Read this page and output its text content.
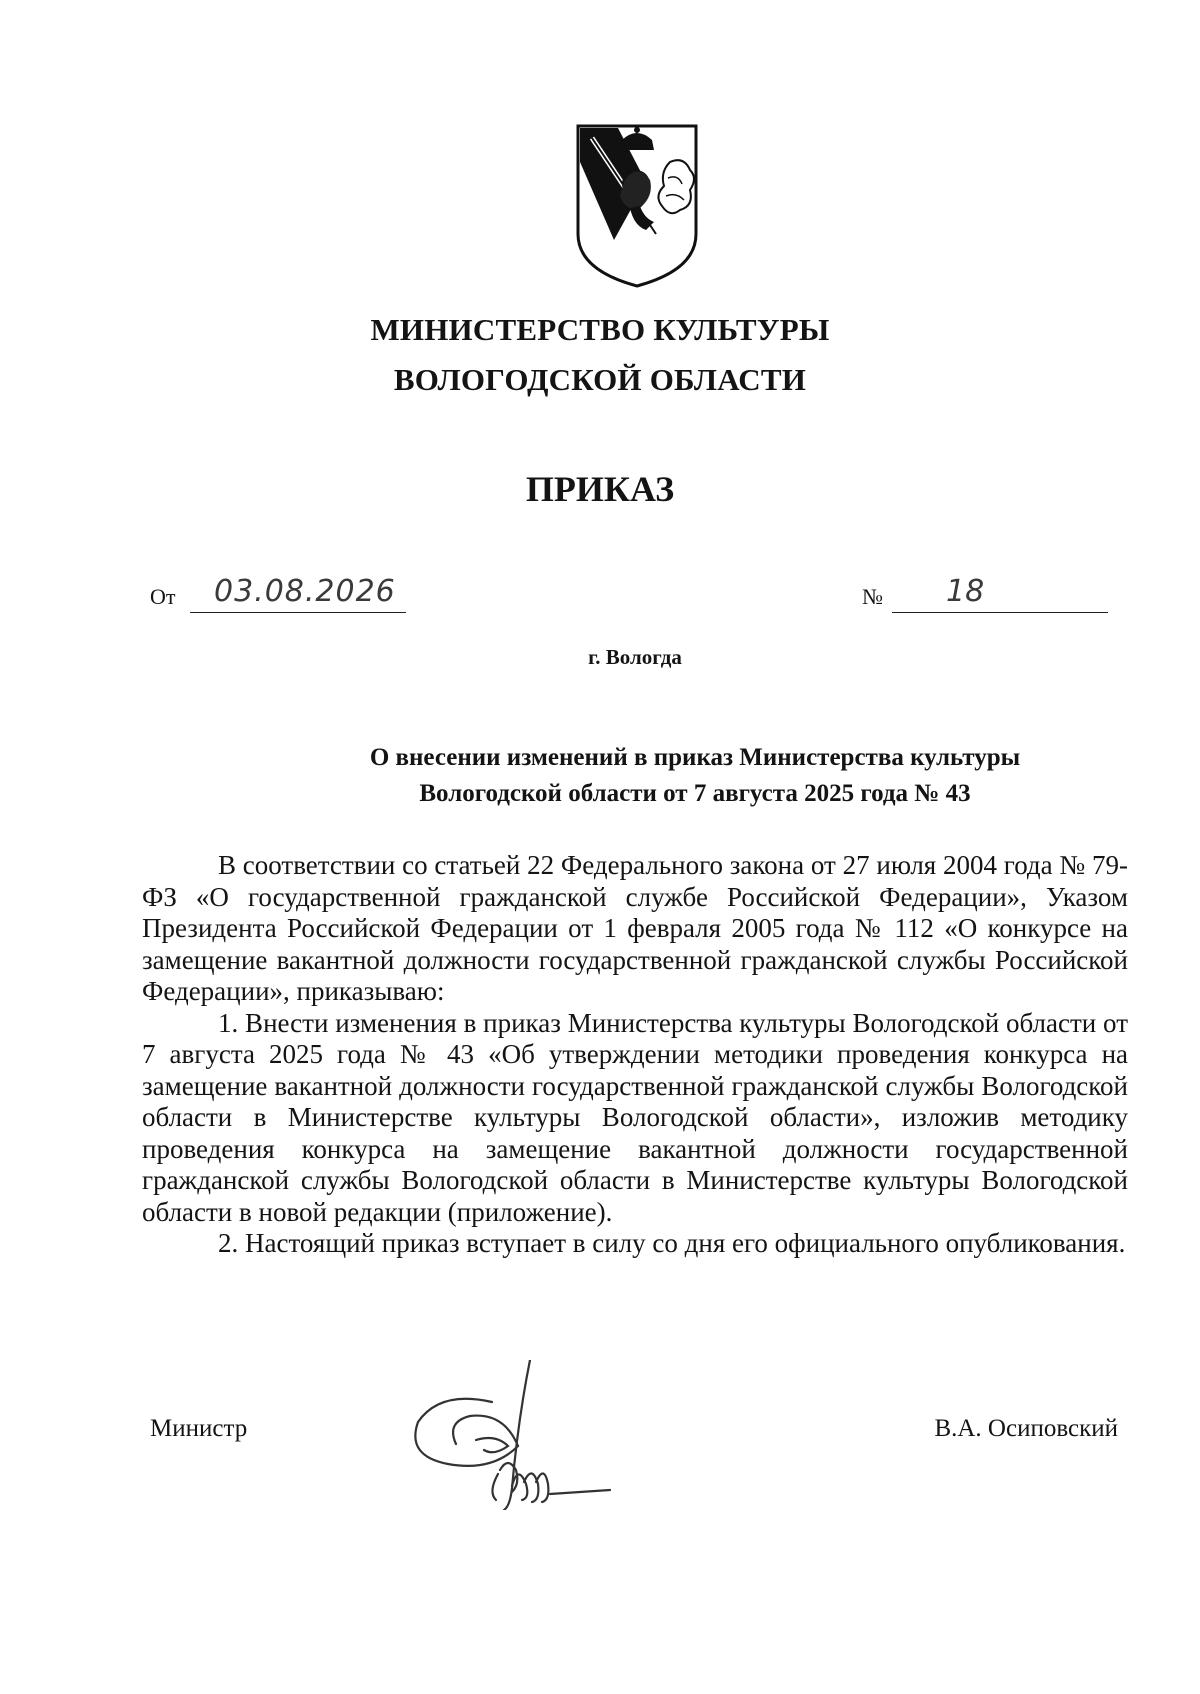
МИНИСТЕРСТВО КУЛЬТУРЫ
ВОЛОГОДСКОЙ ОБЛАСТИ
ПРИКАЗ
От 03.08.2026	№ 18
г. Вологда
О внесении изменений в приказ Министерства культуры
Вологодской области от 7 августа 2025 года № 43

В соответствии со статьей 22 Федерального закона от 27 июля 2004 года № 79-ФЗ «О государственной гражданской службе Российской Федерации», Указом Президента Российской Федерации от 1 февраля 2005 года № 112 «О конкурсе на замещение вакантной должности государственной гражданской службы Российской Федерации», приказываю:

1. Внести изменения в приказ Министерства культуры Вологодской области от 7 августа 2025 года № 43 «Об утверждении методики проведения конкурса на замещение вакантной должности государственной гражданской службы Вологодской области в Министерстве культуры Вологодской области», изложив методику проведения конкурса на замещение вакантной должности государственной гражданской службы Вологодской области в Министерстве культуры Вологодской области в новой редакции (приложение).

2. Настоящий приказ вступает в силу со дня его официального опубликования.

Министр	В.А. Осиповский
